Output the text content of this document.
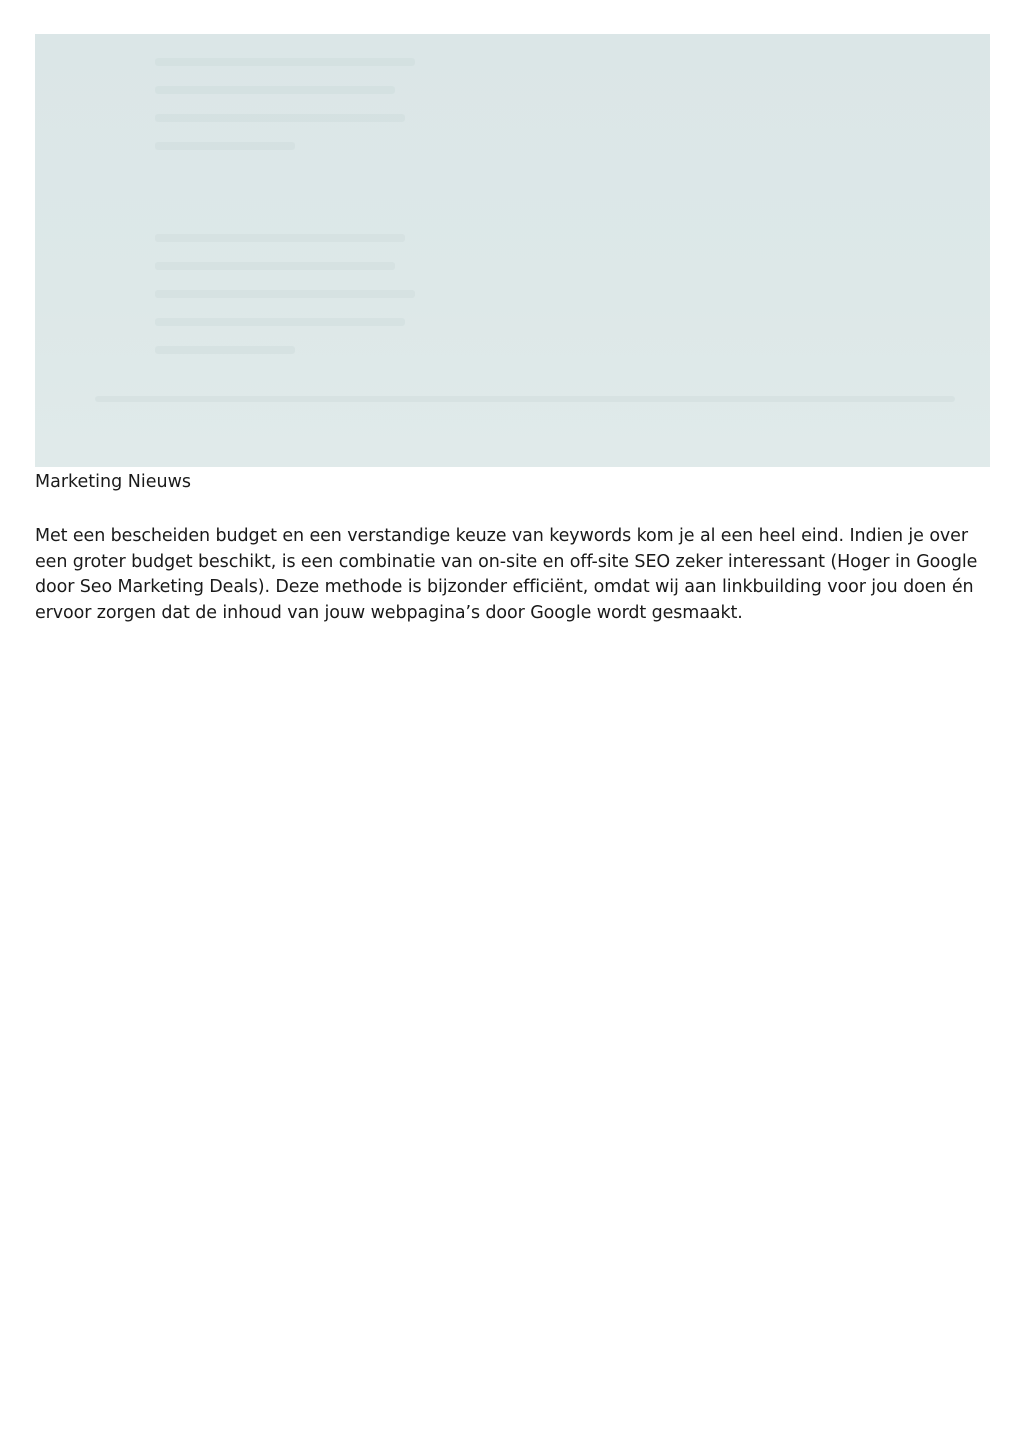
Marketing Nieuws

Met een bescheiden budget en een verstandige keuze van keywords kom je al een heel eind. Indien je over een groter budget beschikt, is een combinatie van on-site en off-site SEO zeker interessant (Hoger in Google door Seo Marketing Deals). Deze methode is bijzonder efficiënt, omdat wij aan linkbuilding voor jou doen én ervoor zorgen dat de inhoud van jouw webpagina’s door Google wordt gesmaakt.
